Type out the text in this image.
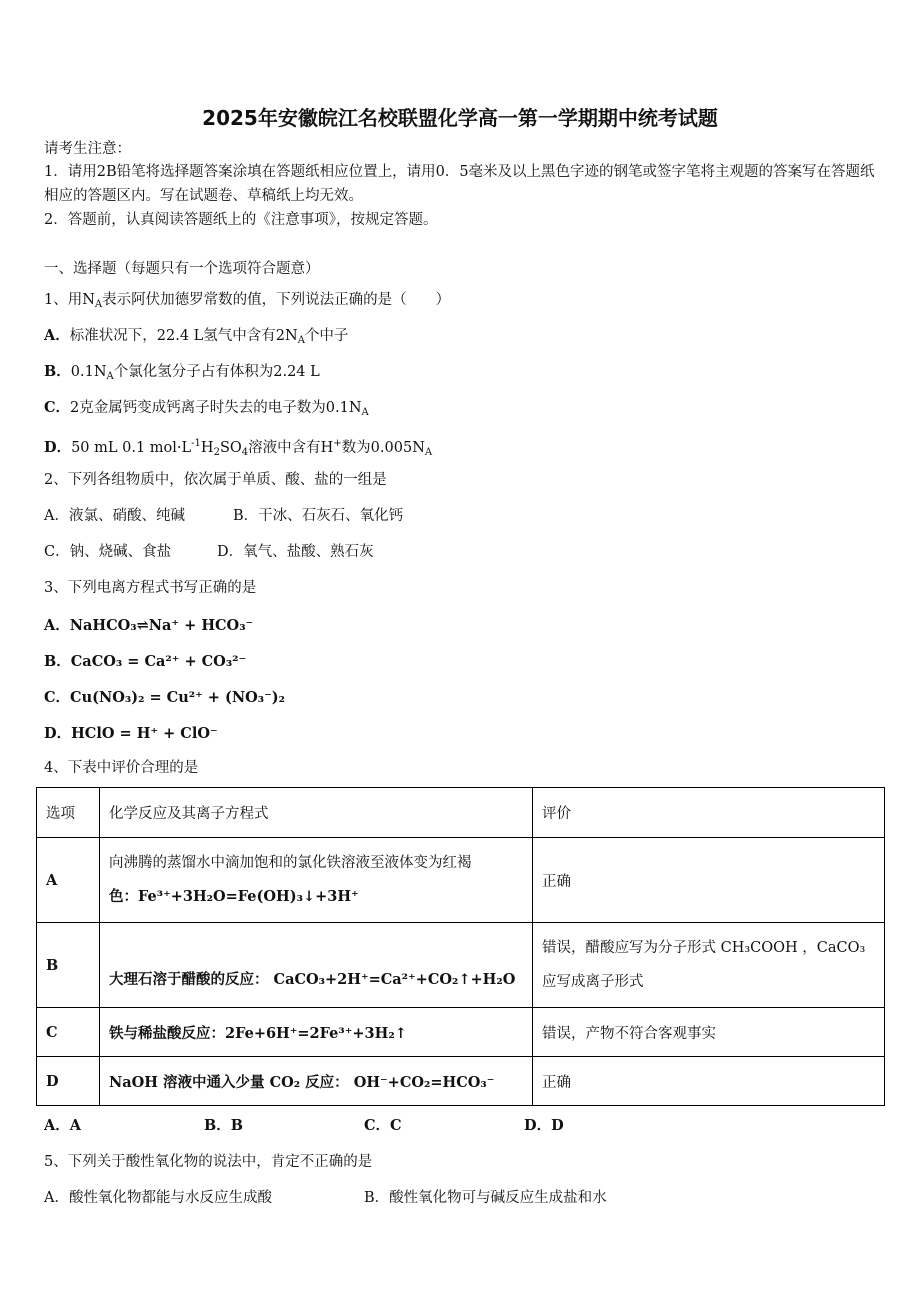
2025年安徽皖江名校联盟化学高一第一学期期中统考试题
请考生注意：
1．请用2B铅笔将选择题答案涂填在答题纸相应位置上，请用0．5毫米及以上黑色字迹的钢笔或签字笔将主观题的答案写在答题纸相应的答题区内。写在试题卷、草稿纸上均无效。
2．答题前，认真阅读答题纸上的《注意事项》，按规定答题。
一、选择题（每题只有一个选项符合题意）
1、用$N_A$表示阿伏加德罗常数的值，下列说法正确的是（　　）
A．标准状况下，22.4 L氢气中含有$2N_A$个中子
B．$0.1N_A$个氯化氢分子占有体积为2.24 L
C．2克金属钙变成钙离子时失去的电子数为$0.1N_A$
D．50 mL 0.1 $mol\cdot L^{-1}H_2SO_4$溶液中含有H+数为$0.005N_A$
2、下列各组物质中，依次属于单质、酸、盐的一组是
A．液氯、硝酸、纯碱	B．干冰、石灰石、氧化钙
C．钠、烧碱、食盐	D．氧气、盐酸、熟石灰
3、下列电离方程式书写正确的是
A．NaHCO₃⇌Na⁺ + HCO₃⁻
B．CaCO₃ = Ca²⁺ + CO₃²⁻
C．Cu(NO₃)₂ = Cu²⁺ + (NO₃⁻)₂
D．HClO = H⁺ + ClO⁻
4、下表中评价合理的是
选项	化学反应及其离子方程式	评价
A	向沸腾的蒸馏水中滴加饱和的氯化铁溶液至液体变为红褐
色：Fe³⁺+3H₂O=Fe(OH)₃↓+3H⁺	正确
B	大理石溶于醋酸的反应： CaCO₃+2H⁺=Ca²⁺+CO₂↑+H₂O	错误，醋酸应写为分子形式 CH₃COOH ，CaCO₃
应写成离子形式

C	铁与稀盐酸反应：2Fe+6H⁺=2Fe³⁺+3H₂↑	错误，产物不符合客观事实
D	NaOH 溶液中通入少量 CO₂ 反应： OH⁻+CO₂=HCO₃⁻	正确
A．A	B．B	C．C	D．D
5、下列关于酸性氧化物的说法中，肯定不正确的是
A．酸性氧化物都能与水反应生成酸	B．酸性氧化物可与碱反应生成盐和水
